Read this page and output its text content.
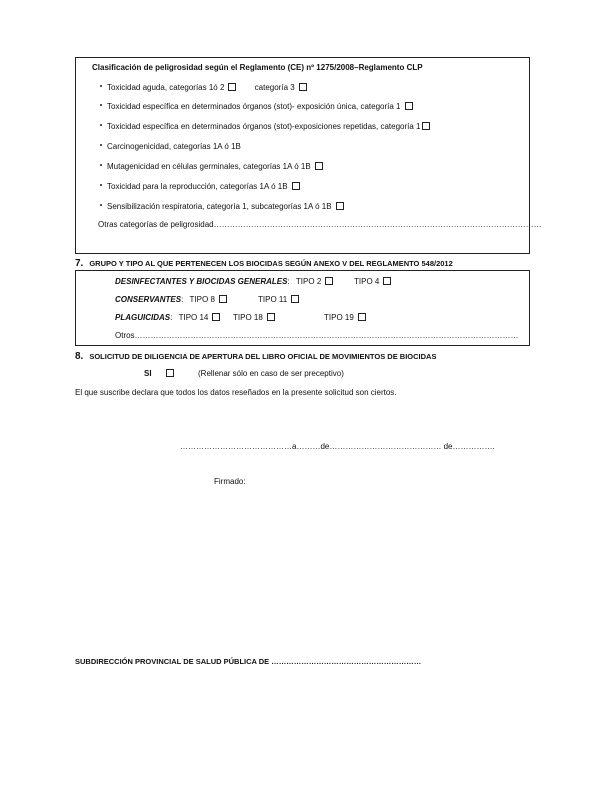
Clasificación de peligrosidad según el Reglamento (CE) nº 1275/2008–Reglamento CLP
Toxicidad aguda, categorías 1ó 2	categoría 3
Toxicidad específica en determinados órganos (stot)- exposición única, categoría 1
Toxicidad específica en determinados órganos (stot)-exposiciones repetidas, categoría 1
Carcinogenicidad, categorías 1A ó 1B
Mutagenicidad en células germinales, categorías 1A ó 1B
Toxicidad para la reproducción, categorías 1A ó 1B
Sensibilización respiratoria, categoría 1, subcategorías 1A ó 1B
Otras categorías de peligrosidad……………………………………………………………………………………………………………
7. GRUPO Y TIPO AL QUE PERTENECEN LOS BIOCIDAS SEGÚN ANEXO V DEL REGLAMENTO 548/2012
DESINFECTANTES Y BIOCIDAS GENERALES: TIPO 2	TIPO 4
CONSERVANTES: TIPO 8	TIPO 11
PLAGUICIDAS: TIPO 14	TIPO 18	TIPO 19
Otros………………………………………………………………………………………………………………………………
8. SOLICITUD DE DILIGENCIA DE APERTURA DEL LIBRO OFICIAL DE MOVIMIENTOS DE BIOCIDAS
SI	(Rellenar sólo en caso de ser preceptivo)
El que suscribe declara que todos los datos reseñados en la presente solicitud son ciertos.
……………………………………a………de…………………………………… de…………….
Firmado:
SUBDIRECCIÓN PROVINCIAL DE SALUD PÚBLICA DE ……………………………………………………
